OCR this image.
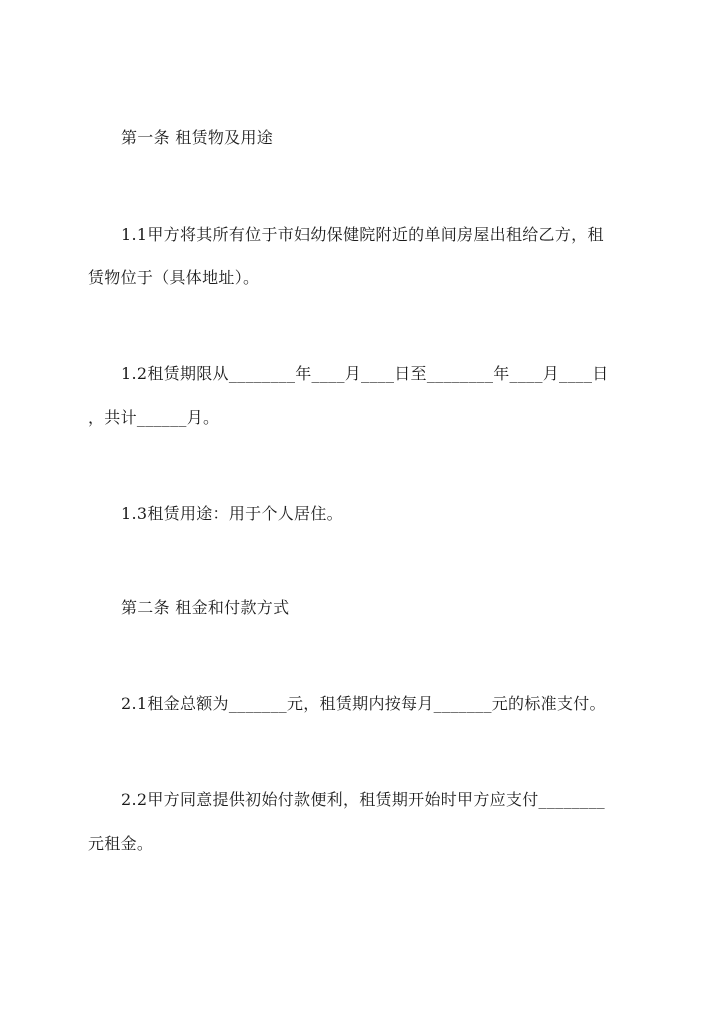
第一条 租赁物及用途
1.1甲方将其所有位于市妇幼保健院附近的单间房屋出租给乙方，租
赁物位于（具体地址）。
1.2租赁期限从________年____月____日至________年____月____日
，共计______月。
1.3租赁用途：用于个人居住。
第二条 租金和付款方式
2.1租金总额为_______元，租赁期内按每月_______元的标准支付。
2.2甲方同意提供初始付款便利，租赁期开始时甲方应支付________
元租金。
